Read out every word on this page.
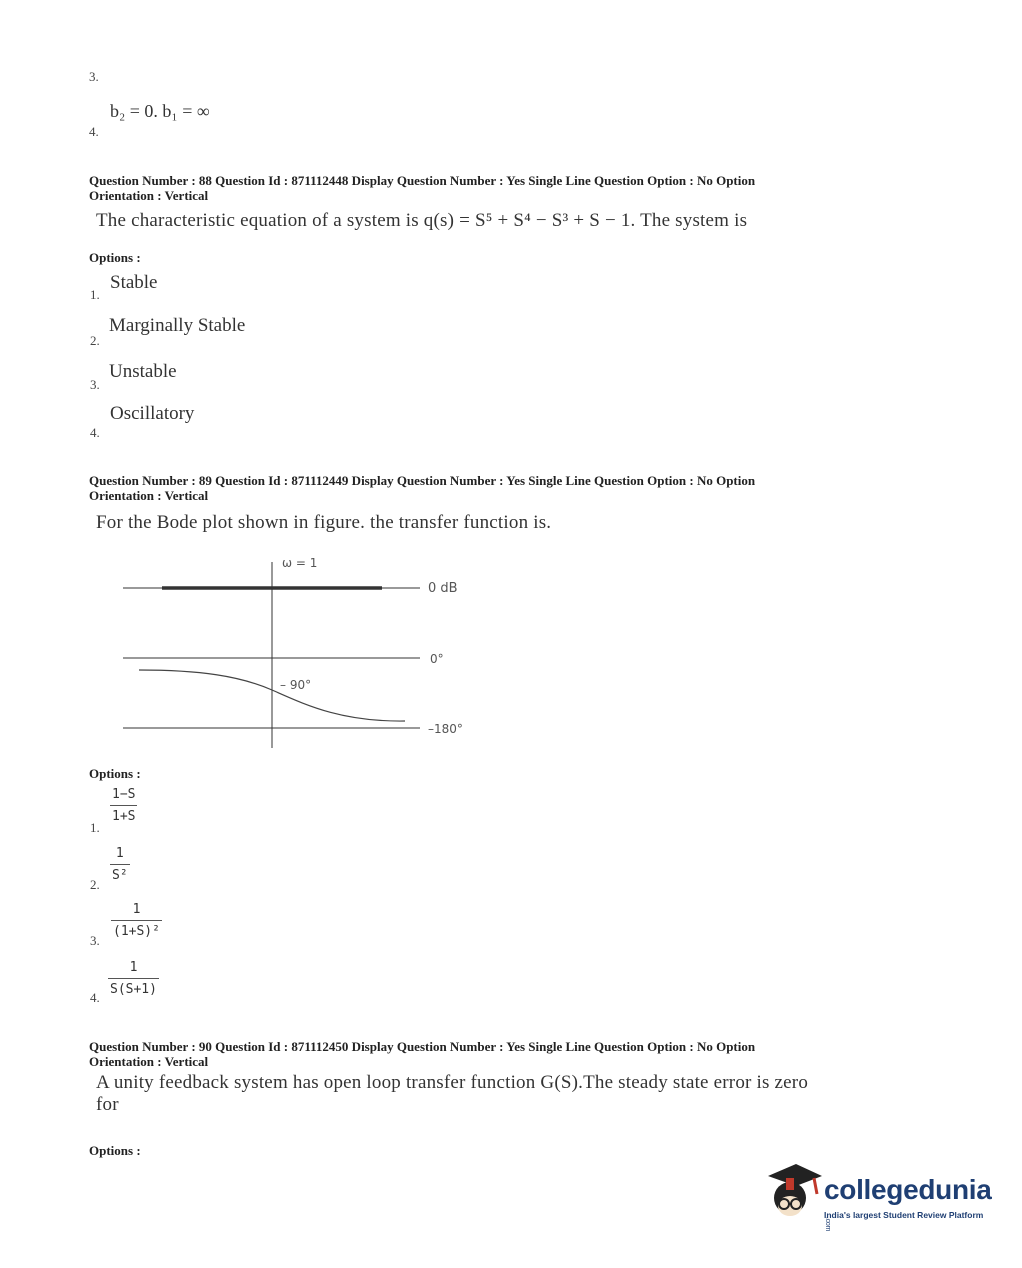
3.
b₂ = 0. b₁ = ∞
4.
Question Number : 88 Question Id : 871112448 Display Question Number : Yes Single Line Question Option : No Option
Orientation : Vertical
The characteristic equation of a system is q(s) = S⁵ + S⁴ − S³ + S − 1. The system is
Options :
1.
Stable
2.
Marginally Stable
3.
Unstable
4.
Oscillatory
Question Number : 89 Question Id : 871112449 Display Question Number : Yes Single Line Question Option : No Option
Orientation : Vertical
For the Bode plot shown in figure. the transfer function is.
ω = 1
0 dB
0°
– 90°
–180°
Options :
1.
1−S
1+S
2.
1
S²
3.
1
(1+S)²
4.
1
S(S+1)
Question Number : 90 Question Id : 871112450 Display Question Number : Yes Single Line Question Option : No Option
Orientation : Vertical
A unity feedback system has open loop transfer function G(S).The steady state error is zero
for
Options :
collegedunia.com
India's largest Student Review Platform
